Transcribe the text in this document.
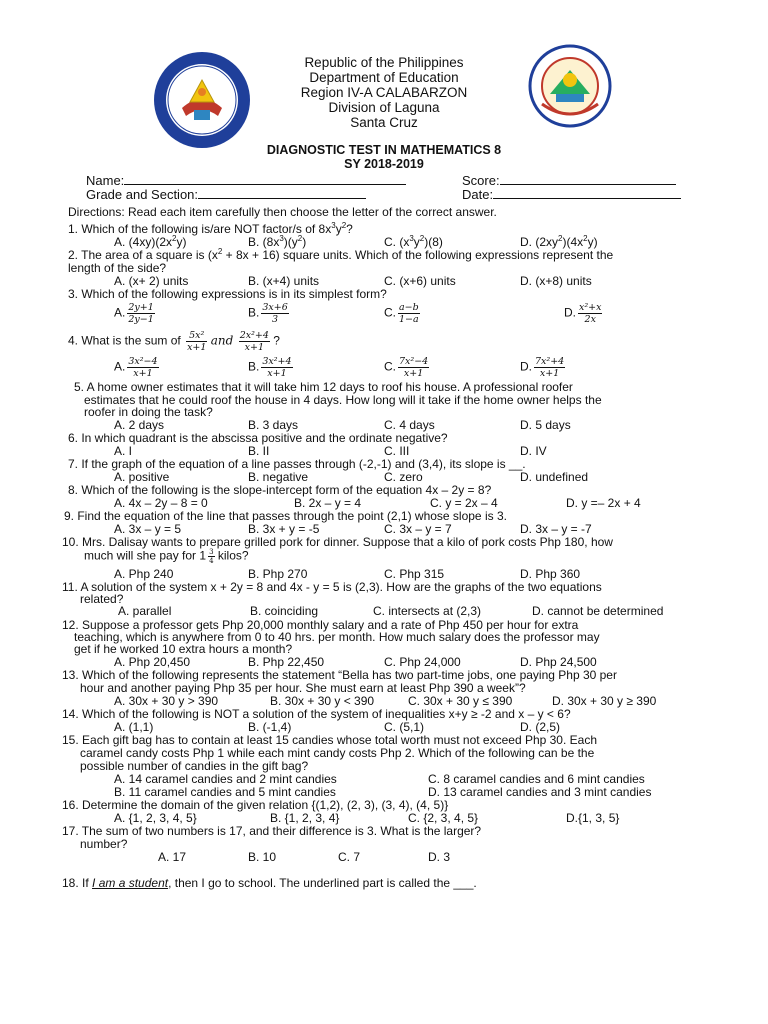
Republic of the Philippines
Department of Education
Region IV-A CALABARZON
Division of Laguna
Santa Cruz
DIAGNOSTIC TEST IN MATHEMATICS 8
SY 2018-2019
Name:	Score:
Grade and Section:	Date:
Directions: Read each item carefully then choose the letter of the correct answer.
1. Which of the following is/are NOT factor/s of $8x^3y^2$?
A. $(4xy)(2x^2y)$	B. $(8x^3)(y^2)$	C. $(x^3y^2)(8)$	D. $(2xy^2)(4x^2y)$
2. The area of a square is $(x^2 + 8x + 16)$ square units. Which of the following expressions represent the
length of the side?
A. (x+ 2) units	B. (x+4) units	C. (x+6) units	D. (x+8) units
3. Which of the following expressions is in its simplest form?
A. $\frac{2y+1}{2y-1}$	B. $\frac{3x+6}{3}$	C. $\frac{a-b}{1-a}$	D. $\frac{\text{x²+x}}{2x}$
4. What is the sum of $\frac{\text{5x²}}{x+1}$ and $\frac{\text{2x²+4}}{x+1}$ ?
A. $\frac{\text{3x²−4}}{x+1}$	B. $\frac{\text{3x²+4}}{x+1}$	C. $\frac{\text{7x²−4}}{x+1}$	D. $\frac{\text{7x²+4}}{x+1}$
5. A home owner estimates that it will take him 12 days to roof his house. A professional roofer
estimates that he could roof the house in 4 days. How long will it take if the home owner helps the
roofer in doing the task?
A. 2 days	B. 3 days	C. 4 days	D. 5 days
6. In which quadrant is the abscissa positive and the ordinate negative?
A. I	B. II	C. III	D. IV
7. If the graph of the equation of a line passes through (-2,-1) and (3,4), its slope is __.
A. positive	B. negative	C. zero	D. undefined
8. Which of the following is the slope-intercept form of the equation 4x – 2y = 8?
A. 4x – 2y – 8 = 0	B. 2x – y = 4	C. y = 2x – 4	D. y =– 2x + 4
9. Find the equation of the line that passes through the point (2,1) whose slope is 3.
A. 3x – y = 5	B. 3x + y = -5	C. 3x – y = 7	D. 3x – y = -7
10. Mrs. Dalisay wants to prepare grilled pork for dinner. Suppose that a kilo of pork costs Php 180, how
much will she pay for $1 \frac{3}{4}$ kilos?
A. Php 240	B. Php 270	C. Php 315	D. Php 360
11. A solution of the system x + 2y = 8 and 4x - y = 5 is (2,3). How are the graphs of the two equations
related?
A. parallel	B. coinciding	C. intersects at (2,3)	D. cannot be determined
12. Suppose a professor gets Php 20,000 monthly salary and a rate of Php 450 per hour for extra
teaching, which is anywhere from 0 to 40 hrs. per month. How much salary does the professor may
get if he worked 10 extra hours a month?
A. Php 20,450	B. Php 22,450	C. Php 24,000	D. Php 24,500
13. Which of the following represents the statement “Bella has two part-time jobs, one paying Php 30 per
hour and another paying Php 35 per hour. She must earn at least Php 390 a week”?
A. 30x + 30 y > 390	B. 30x + 30 y < 390	C. 30x + 30 y ≤ 390	D. 30x + 30 y ≥ 390
14. Which of the following is NOT a solution of the system of inequalities x+y ≥ -2 and x – y < 6?
A. (1,1)	B. (-1,4)	C. (5,1)	D. (2,5)
15. Each gift bag has to contain at least 15 candies whose total worth must not exceed Php 30. Each
caramel candy costs Php 1 while each mint candy costs Php 2. Which of the following can be the
possible number of candies in the gift bag?
A. 14 caramel candies and 2 mint candies	C. 8 caramel candies and 6 mint candies
B. 11 caramel candies and 5 mint candies	D. 13 caramel candies and 3 mint candies
16. Determine the domain of the given relation {(1,2), (2, 3), (3, 4), (4, 5)}
A. {1, 2, 3, 4, 5}	B. {1, 2, 3, 4}	C. {2, 3, 4, 5}	D.{1, 3, 5}
17. The sum of two numbers is 17, and their difference is 3. What is the larger?
number?
A. 17	B. 10	C. 7	D. 3
18. If I am a student, then I go to school. The underlined part is called the ___.
